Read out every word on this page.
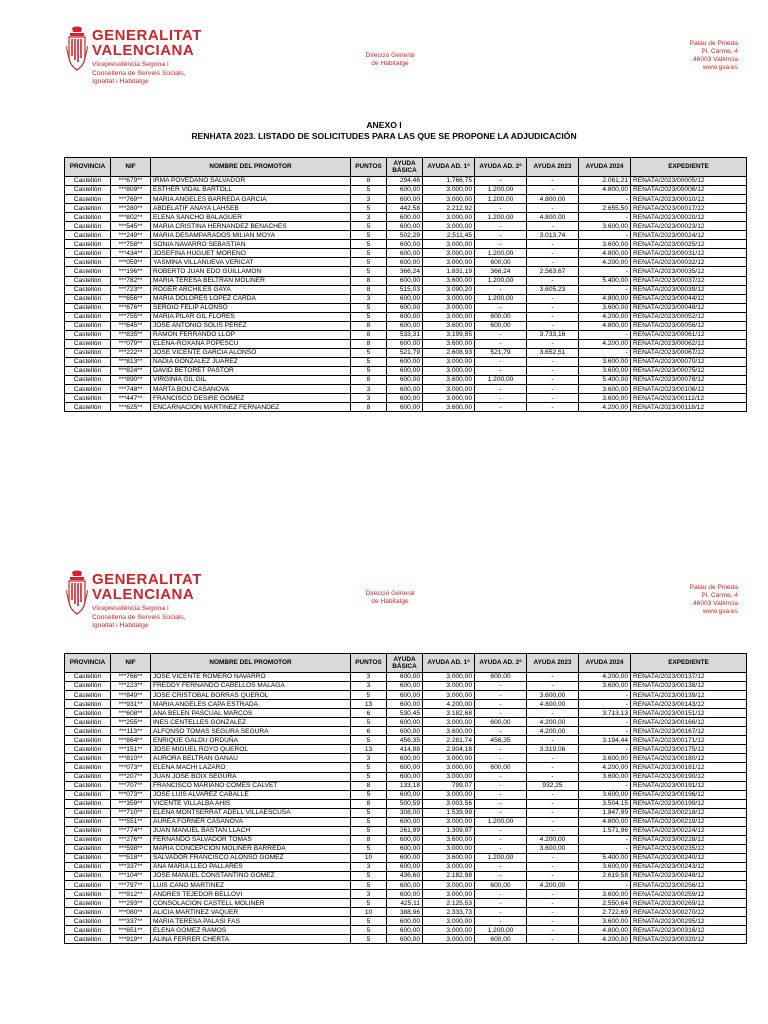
GENERALITAT
VALENCIANA
Vicepresidència Segona i
Conselleria de Serveis Socials,
Igualtat i Habitatge
Direcció General
de Habitatge
Palau de Pineda
Pl. Carme, 4
46003 València
www.gva.es
ANEXO I
RENHATA 2023. LISTADO DE SOLICITUDES PARA LAS QUE SE PROPONE LA ADJUDICACIÓN
PROVINCIA	NIF	NOMBRE DEL PROMOTOR	PUNTOS	AYUDA BÁSICA	AYUDA AD. 1ª	AYUDA AD. 2ª	AYUDA 2023	AYUDA 2024	EXPEDIENTE
Castellón	***679**	IRMA POVEDANO SALVADOR	8	294,46	1.766,75	-	-	2.061,21	RENATA/2023/00005/12
Castellón	***809**	ESTHER VIDAL BARTOLL	5	600,00	3.000,00	1.200,00	-	4.800,00	RENATA/2023/00006/12
Castellón	***769**	MARIA ANGELES BARREDA GARCIA	3	600,00	3.000,00	1.200,00	4.800,00	-	RENATA/2023/00010/12
Castellón	***280**	ABDELATIF ANAYA LAHSEB	5	442,58	2.212,92	-	-	2.655,50	RENATA/2023/00017/12
Castellón	***802**	ELENA SANCHO BALAGUER	3	600,00	3.000,00	1.200,00	4.800,00	-	RENATA/2023/00020/12
Castellón	***545**	MARIA CRISTINA HERNANDEZ BENACHES	5	600,00	3.000,00	-	-	3.600,00	RENATA/2023/00023/12
Castellón	***249**	MARIA DESAMPARADOS MILIAN MOYA	5	502,29	2.511,45	-	3.013,74	-	RENATA/2023/00024/12
Castellón	***758**	SONIA NAVARRO SEBASTIAN	5	600,00	3.000,00	-	-	3.600,00	RENATA/2023/00025/12
Castellón	***434**	JOSEFINA HUGUET MORENO	5	600,00	3.000,00	1.200,00	-	4.800,00	RENATA/2023/00031/12
Castellón	***059**	YASMINA VILLANUEVA VERICAT	5	600,00	3.000,00	600,00	-	4.200,00	RENATA/2023/00032/12
Castellón	***196**	ROBERTO JUAN EDO GUILLAMON	5	366,24	1.831,19	366,24	2.563,67	-	RENATA/2023/00035/12
Castellón	***782**	MARIA TERESA BELTRAN MOLINER	8	600,00	3.600,00	1.200,00	-	5.400,00	RENATA/2023/00037/12
Castellón	***723**	ROGER ARCHILES GAYA	8	515,03	3.090,20	-	3.605,23	-	RENATA/2023/00039/12
Castellón	***656**	MARIA DOLORES LOPEZ CARDA	3	600,00	3.000,00	1.200,00	-	4.800,00	RENATA/2023/00044/12
Castellón	***676**	SERGIO FELIP ALONSO	5	600,00	3.000,00	-	-	3.600,00	RENATA/2023/00048/12
Castellón	***755**	MARIA PILAR GIL FLORES	5	600,00	3.000,00	600,00	-	4.200,00	RENATA/2023/00052/12
Castellón	***645**	JOSE ANTONIO SOLIS PEREZ	8	600,00	3.600,00	600,00	-	4.800,00	RENATA/2023/00056/12
Castellón	***835**	RAMON FERRANDO LLOP	8	533,31	3.199,85	-	3.733,16	-	RENATA/2023/00061/12
Castellón	***079**	ELENA-ROXANA POPESCU	8	600,00	3.600,00	-	-	4.200,00	RENATA/2023/00062/12
Castellón	***222**	JOSE VICENTE GARCIA ALONSO	5	521,79	2.608,93	521,79	3.652,51	-	RENATA/2023/00067/12
Castellón	***813**	NADIA GONZALEZ JUAREZ	5	600,00	3.000,00	-	-	3.600,00	RENATA/2023/00070/12
Castellón	***824**	DAVID BETORET PASTOR	5	600,00	3.000,00	-	-	3.600,00	RENATA/2023/00075/12
Castellón	***890**	VIRGINIA GIL GIL	8	600,00	3.600,00	1.200,00	-	5.400,00	RENATA/2023/00078/12
Castellón	***748**	MARTA BOU CASANOVA	3	600,00	3.000,00	-	-	3.600,00	RENATA/2023/00106/12
Castellón	***447**	FRANCISCO DESIRE GOMEZ	3	600,00	3.000,00	-	-	3.600,00	RENATA/2023/00112/12
Castellón	***625**	ENCARNACION MARTINEZ FERNANDEZ	8	600,00	3.600,00	-	-	4.200,00	RENATA/2023/00118/12
GENERALITAT
VALENCIANA
Vicepresidència Segona i
Conselleria de Serveis Socials,
Igualtat i Habitatge
Direcció General
de Habitatge
Palau de Pineda
Pl. Carme, 4
46003 València
www.gva.es
PROVINCIA	NIF	NOMBRE DEL PROMOTOR	PUNTOS	AYUDA BÁSICA	AYUDA AD. 1ª	AYUDA AD. 2ª	AYUDA 2023	AYUDA 2024	EXPEDIENTE
Castellón	***766**	JOSE VICENTE ROMERO NAVARRO	3	600,00	3.000,00	600,00	-	4.200,00	RENATA/2023/00137/12
Castellón	***223**	FREDDY FERNANDO CABELLOS MALAGA	3	600,00	3.000,00	-	-	3.600,00	RENATA/2023/00138/12
Castellón	***849**	JOSE CRISTOBAL BORRAS QUEROL	5	600,00	3.000,00	-	3.600,00	-	RENATA/2023/00139/12
Castellón	***931**	MARIA ANGELES CAPA ESTRADA	13	600,00	4.200,00	-	4.800,00	-	RENATA/2023/00143/12
Castellón	***608**	ANA BELEN PASCUAL MARCOS	6	530,45	3.182,68	-	-	3.713,13	RENATA/2023/00151/12
Castellón	***255**	INES CENTELLES GONZALEZ	5	600,00	3.000,00	600,00	4.200,00	-	RENATA/2023/00166/12
Castellón	***113**	ALFONSO TOMAS SEGURA SEGURA	6	600,00	3.600,00	-	4.200,00	-	RENATA/2023/00167/12
Castellón	***864**	ENRIQUE GALDU ORDUÑA	5	456,35	2.281,74	456,35	-	3.194,44	RENATA/2023/00171/12
Castellón	***151**	JOSE MIGUEL ROYO QUEROL	13	414,88	2.904,18	-	3.319,06	-	RENATA/2023/00175/12
Castellón	***810**	AURORA BELTRAN GANAU	3	600,00	3.000,00	-	-	3.600,00	RENATA/2023/00180/12
Castellón	***073**	ELENA MACHI LAZARO	5	600,00	3.000,00	600,00	-	4.200,00	RENATA/2023/00181/12
Castellón	***207**	JUAN JOSE BOIX SEGURA	5	600,00	3.000,00	-	-	3.600,00	RENATA/2023/00190/12
Castellón	***707**	FRANCISCO MARIANO COMES CALVET	8	133,18	799,07	-	932,25	-	RENATA/2023/00191/12
Castellón	***073**	JOSE LUIS ALVAREZ CABALLE	5	600,00	3.000,00	-	-	3.600,00	RENATA/2023/00196/12
Castellón	***359**	VICENTE VILLALBA AHIS	8	500,59	3.003,56	-	-	3.504,15	RENATA/2023/00199/12
Castellón	***710**	ELENA MONTSERRAT ADELL VILLAESCUSA	5	308,00	1.539,99	-	-	1.847,99	RENATA/2023/00218/12
Castellón	***551**	AUREA FORNER CASANOVA	5	600,00	3.000,00	1.200,00	-	4.800,00	RENATA/2023/00219/12
Castellón	***774**	JUAN MANUEL BASTAN LLACH	5	261,99	1.309,97	-	-	1.571,96	RENATA/2023/00224/12
Castellón	***276**	FERNANDO SALVADOR TOMAS	8	600,00	3.600,00	-	4.200,00	-	RENATA/2023/00228/12
Castellón	***598**	MARIA CONCEPCION MOLINER BARREDA	5	600,00	3.000,00	-	3.600,00	-	RENATA/2023/00235/12
Castellón	***518**	SALVADOR FRANCISCO ALONSO GOMEZ	10	600,00	3.600,00	1.200,00	-	5.400,00	RENATA/2023/00240/12
Castellón	***337**	ANA MARIA LLEO PALLARES	3	600,00	3.000,00	-	-	3.600,00	RENATA/2023/00243/12
Castellón	***104**	JOSE MANUEL CONSTANTINO GOMEZ	5	436,60	2.182,98	-	-	2.619,58	RENATA/2023/00248/12
Castellón	***797**	LUIS CANO MARTINEZ	5	600,00	3.000,00	600,00	4.200,00	-	RENATA/2023/00256/12
Castellón	***912**	ANDRES TEJEDOR BELLOVI	3	600,00	3.000,00	-	-	3.600,00	RENATA/2023/00259/12
Castellón	***293**	CONSOLACION CASTELL MOLINER	5	425,11	2.125,53	-	-	2.550,64	RENATA/2023/00269/12
Castellón	***080**	ALICIA MARTINEZ VAQUER	10	388,96	2.333,73	-	-	2.722,69	RENATA/2023/00270/12
Castellón	***337**	MARIA TERESA PALASI FAS	5	600,00	3.000,00	-	-	3.600,00	RENATA/2023/00295/12
Castellón	***651**	ELENA GOMEZ RAMOS	5	600,00	3.000,00	1.200,00	-	4.800,00	RENATA/2023/00316/12
Castellón	***919**	ALINA FERRER CHERTA	5	600,00	3.000,00	600,00	-	4.200,00	RENATA/2023/00320/12
